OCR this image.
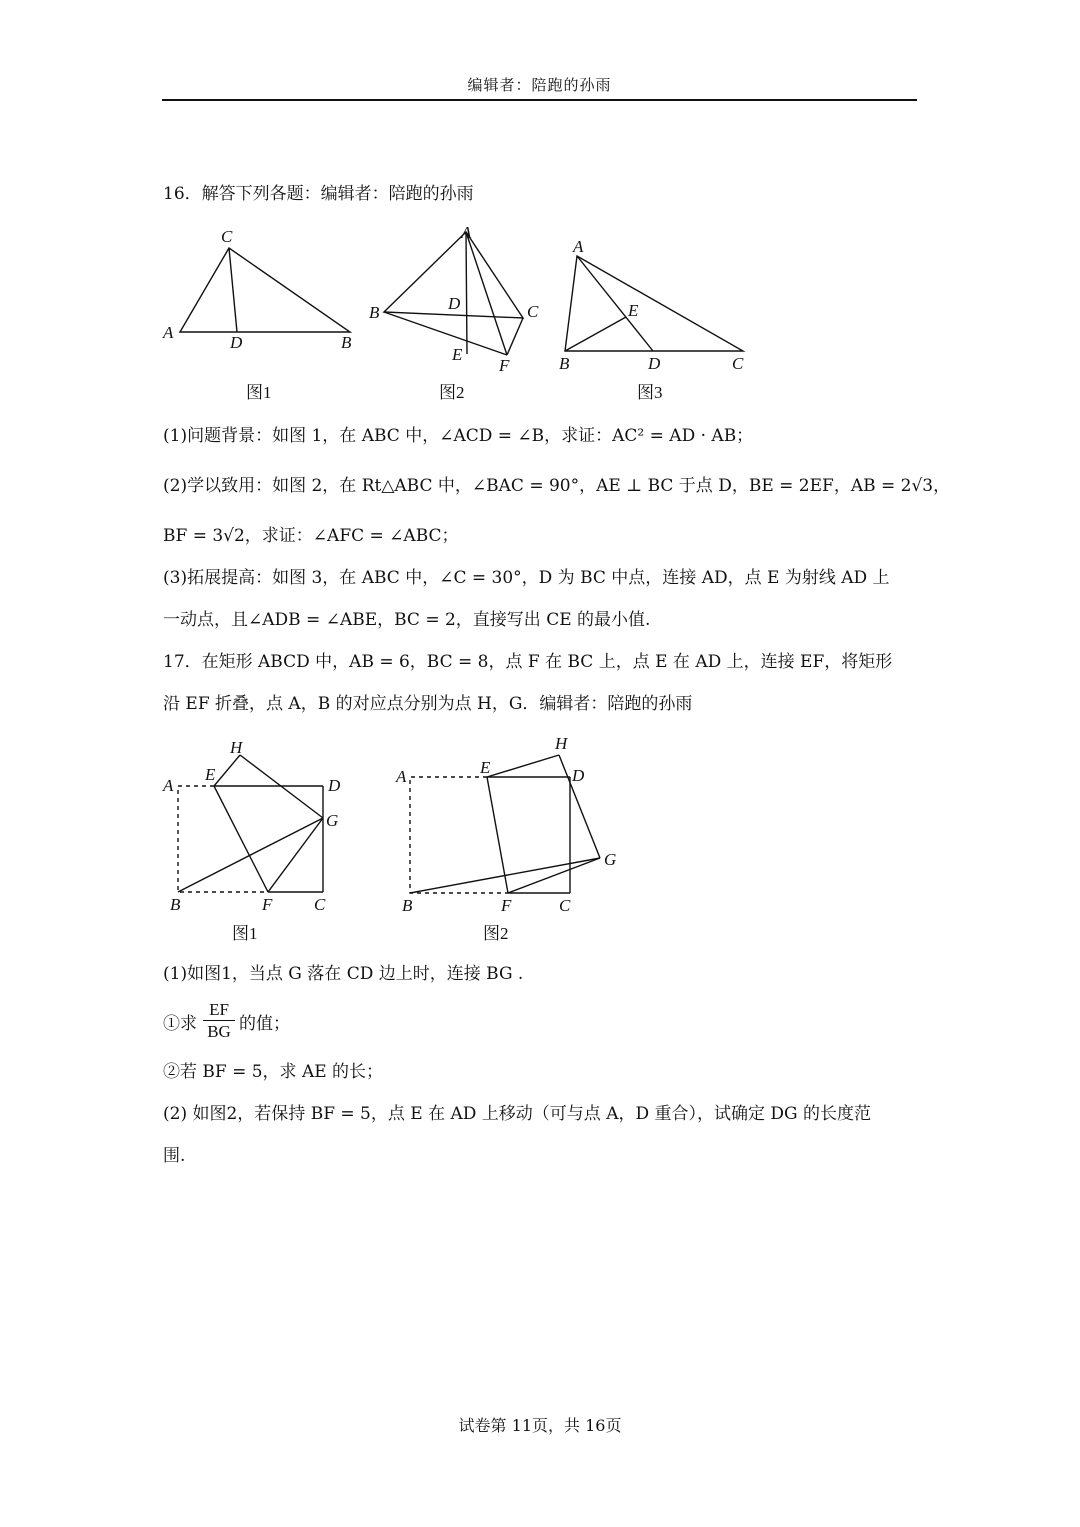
编辑者：陪跑的孙雨
16．解答下列各题：编辑者：陪跑的孙雨
C
A
D	B
图1
A
B	D	C
E
F
图2
A
E
B	D	C
图3
(1)问题背景：如图 1，在 ABC 中，∠ACD = ∠B，求证：AC² = AD · AB；
(2)学以致用：如图 2，在 Rt△ABC 中，∠BAC = 90°，AE ⊥ BC 于点 D，BE = 2EF，AB = 2√3，
BF = 3√2，求证：∠AFC = ∠ABC；
(3)拓展提高：如图 3，在 ABC 中，∠C = 30°，D 为 BC 中点，连接 AD，点 E 为射线 AD 上
一动点，且∠ADB = ∠ABE，BC = 2，直接写出 CE 的最小值.
17．在矩形 ABCD 中，AB = 6，BC = 8，点 F 在 BC 上，点 E 在 AD 上，连接 EF，将矩形
沿 EF 折叠，点 A，B 的对应点分别为点 H，G．编辑者：陪跑的孙雨
H
A
E
D
G
B	F C
图1
H
A	E	D
G
B	F	C
图2
(1)如图1，当点 G 落在 CD 边上时，连接 BG .
①求 $\frac{EF}{BG}$ 的值；
②若 BF = 5，求 AE 的长；
(2) 如图2，若保持 BF = 5，点 E 在 AD 上移动（可与点 A，D 重合），试确定 DG 的长度范
围.
试卷第 11页，共 16页
